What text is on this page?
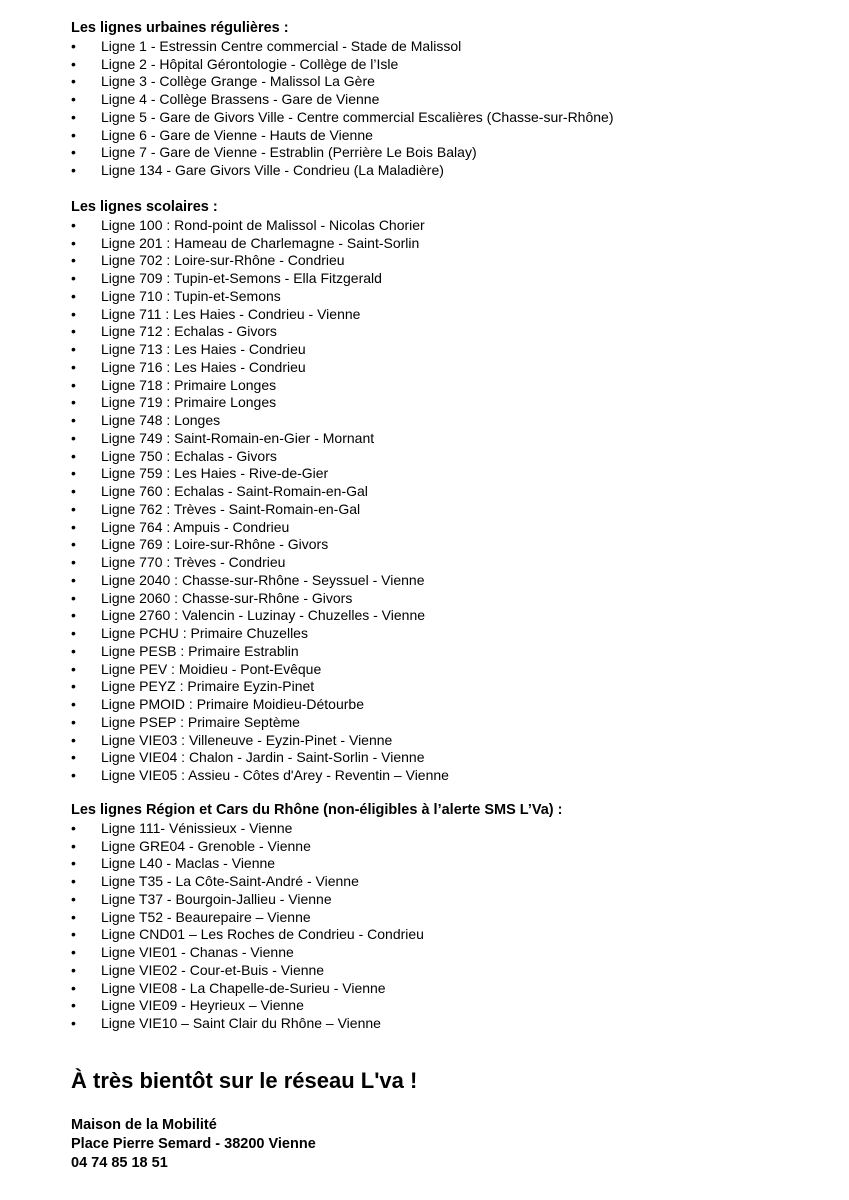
Les lignes urbaines régulières :
• Ligne 1 - Estressin Centre commercial - Stade de Malissol
• Ligne 2 - Hôpital Gérontologie - Collège de l’Isle
• Ligne 3 - Collège Grange - Malissol La Gère
• Ligne 4 - Collège Brassens - Gare de Vienne
• Ligne 5 - Gare de Givors Ville - Centre commercial Escalières (Chasse-sur-Rhône)
• Ligne 6 - Gare de Vienne - Hauts de Vienne
• Ligne 7 - Gare de Vienne - Estrablin (Perrière Le Bois Balay)
• Ligne 134 - Gare Givors Ville - Condrieu (La Maladière)
Les lignes scolaires :
• Ligne 100 : Rond-point de Malissol - Nicolas Chorier
• Ligne 201 : Hameau de Charlemagne - Saint-Sorlin
• Ligne 702 : Loire-sur-Rhône - Condrieu
• Ligne 709 : Tupin-et-Semons - Ella Fitzgerald
• Ligne 710 : Tupin-et-Semons
• Ligne 711 : Les Haies - Condrieu - Vienne
• Ligne 712 : Echalas - Givors
• Ligne 713 : Les Haies - Condrieu
• Ligne 716 : Les Haies - Condrieu
• Ligne 718 : Primaire Longes
• Ligne 719 : Primaire Longes
• Ligne 748 : Longes
• Ligne 749 : Saint-Romain-en-Gier - Mornant
• Ligne 750 : Echalas - Givors
• Ligne 759 : Les Haies - Rive-de-Gier
• Ligne 760 : Echalas - Saint-Romain-en-Gal
• Ligne 762 : Trèves - Saint-Romain-en-Gal
• Ligne 764 : Ampuis - Condrieu
• Ligne 769 : Loire-sur-Rhône - Givors
• Ligne 770 : Trèves - Condrieu
• Ligne 2040 : Chasse-sur-Rhône - Seyssuel - Vienne
• Ligne 2060 : Chasse-sur-Rhône - Givors
• Ligne 2760 : Valencin - Luzinay - Chuzelles - Vienne
• Ligne PCHU : Primaire Chuzelles
• Ligne PESB : Primaire Estrablin
• Ligne PEV : Moidieu - Pont-Evêque
• Ligne PEYZ : Primaire Eyzin-Pinet
• Ligne PMOID : Primaire Moidieu-Détourbe
• Ligne PSEP : Primaire Septème
• Ligne VIE03 : Villeneuve - Eyzin-Pinet - Vienne
• Ligne VIE04 : Chalon - Jardin - Saint-Sorlin - Vienne
• Ligne VIE05 : Assieu - Côtes d'Arey - Reventin – Vienne
Les lignes Région et Cars du Rhône (non-éligibles à l’alerte SMS L’Va) :
• Ligne 111- Vénissieux - Vienne
• Ligne GRE04 - Grenoble - Vienne
• Ligne L40 - Maclas - Vienne
• Ligne T35 - La Côte-Saint-André - Vienne
• Ligne T37 - Bourgoin-Jallieu - Vienne
• Ligne T52 - Beaurepaire – Vienne
• Ligne CND01 – Les Roches de Condrieu - Condrieu
• Ligne VIE01 - Chanas - Vienne
• Ligne VIE02 - Cour-et-Buis - Vienne
• Ligne VIE08 - La Chapelle-de-Surieu - Vienne
• Ligne VIE09 - Heyrieux – Vienne
• Ligne VIE10 – Saint Clair du Rhône – Vienne
À très bientôt sur le réseau L'va !
Maison de la Mobilité
Place Pierre Semard - 38200 Vienne
04 74 85 18 51
